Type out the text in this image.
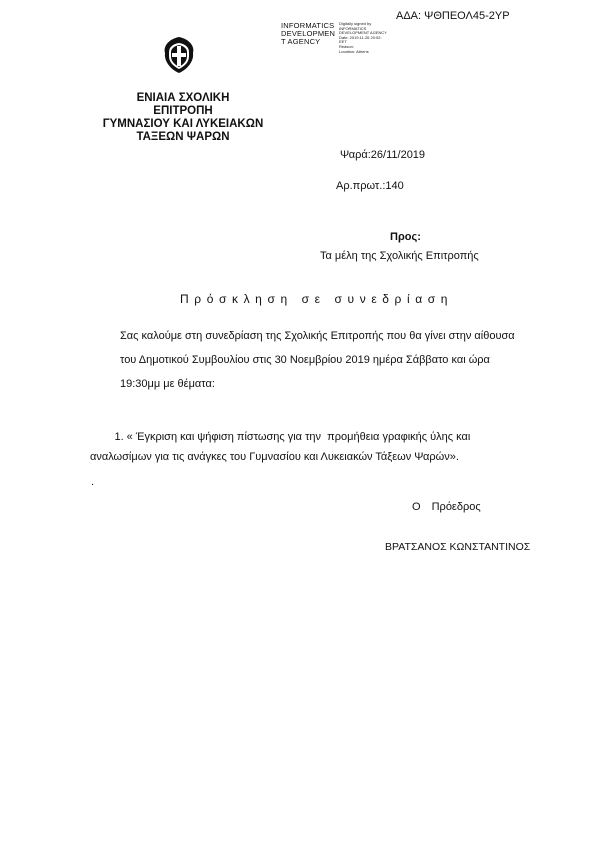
ΑΔΑ: ΨΘΠΕΟΛ45-2ΥΡ
INFORMATICS
DEVELOPMEN
T AGENCY
Digitally signed by
INFORMATICS
DEVELOPMENT AGENCY
Date: 2019.11.26 20:52:
EET
Reason:
Location: Athens
ΕΝΙΑΙΑ ΣΧΟΛΙΚΗ
ΕΠΙΤΡΟΠΗ
ΓΥΜΝΑΣΙΟΥ ΚΑΙ ΛΥΚΕΙΑΚΩΝ
ΤΑΞΕΩΝ ΨΑΡΩΝ
Ψαρά:26/11/2019
Αρ.πρωτ.:140
Προς:
Τα μέλη της Σχολικής Επιτροπής
Πρόσκληση σε συνεδρίαση
Σας καλούμε στη συνεδρίαση της Σχολικής Επιτροπής που θα γίνει στην αίθουσα
του Δημοτικού Συμβουλίου στις 30 Νοεμβρίου 2019 ημέρα Σάββατο και ώρα
19:30μμ με θέματα:
1. « Έγκριση και ψήφιση πίστωσης για την  προμήθεια γραφικής ύλης και
αναλωσίμων για τις ανάγκες του Γυμνασίου και Λυκειακών Τάξεων Ψαρών».
.
Ο Πρόεδρος
ΒΡΑΤΣΑΝΟΣ ΚΩΝΣΤΑΝΤΙΝΟΣ
